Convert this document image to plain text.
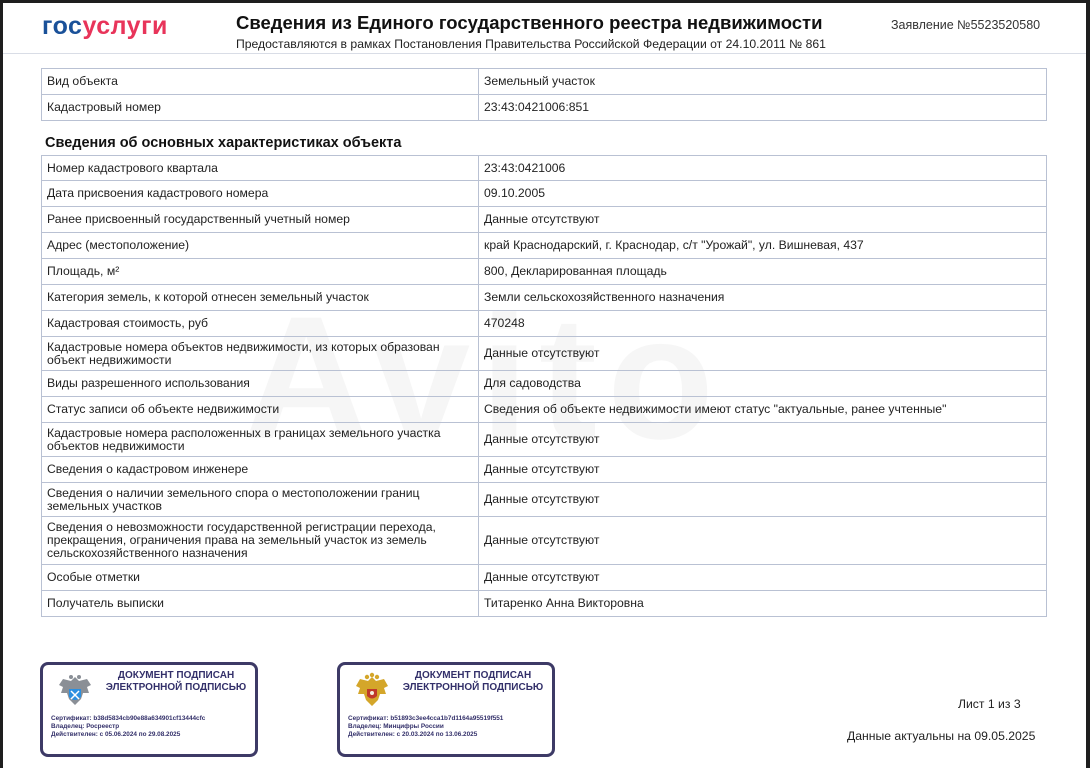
госуслуги	Сведения из Единого государственного реестра недвижимости
Предоставляются в рамках Постановления Правительства Российской Федерации от 24.10.2011 № 861
Заявление №5523520580
Вид объекта	Земельный участок
Кадастровый номер	23:43:0421006:851
Сведения об основных характеристиках объекта
Номер кадастрового квартала	23:43:0421006
Дата присвоения кадастрового номера	09.10.2005
Ранее присвоенный государственный учетный номер	Данные отсутствуют
Адрес (местоположение)	край Краснодарский, г. Краснодар, с/т "Урожай", ул. Вишневая, 437
Площадь, м²	800, Декларированная площадь
Категория земель, к которой отнесен земельный участок	Земли сельскохозяйственного назначения
Кадастровая стоимость, руб	470248
Кадастровые номера объектов недвижимости, из которых образован объект недвижимости	Данные отсутствуют
Виды разрешенного использования	Для садоводства
Статус записи об объекте недвижимости	Сведения об объекте недвижимости имеют статус "актуальные, ранее учтенные"
Кадастровые номера расположенных в границах земельного участка объектов недвижимости	Данные отсутствуют
Сведения о кадастровом инженере	Данные отсутствуют
Сведения о наличии земельного спора о местоположении границ земельных участков	Данные отсутствуют
Сведения о невозможности государственной регистрации перехода, прекращения, ограничения права на земельный участок из земель сельскохозяйственного назначения	Данные отсутствуют
Особые отметки	Данные отсутствуют
Получатель выписки	Титаренко Анна Викторовна
ДОКУМЕНТ ПОДПИСАН ЭЛЕКТРОННОЙ ПОДПИСЬЮ
Сертификат: b38d5834cb90e88a634901cf13444cfc
Владелец: Росреестр
Действителен: с 05.06.2024 по 29.08.2025
ДОКУМЕНТ ПОДПИСАН ЭЛЕКТРОННОЙ ПОДПИСЬЮ
Сертификат: b51893c3ee4cca1b7d1164a95519f551
Владелец: Минцифры России
Действителен: с 20.03.2024 по 13.06.2025
Лист 1 из 3
Данные актуальны на 09.05.2025
